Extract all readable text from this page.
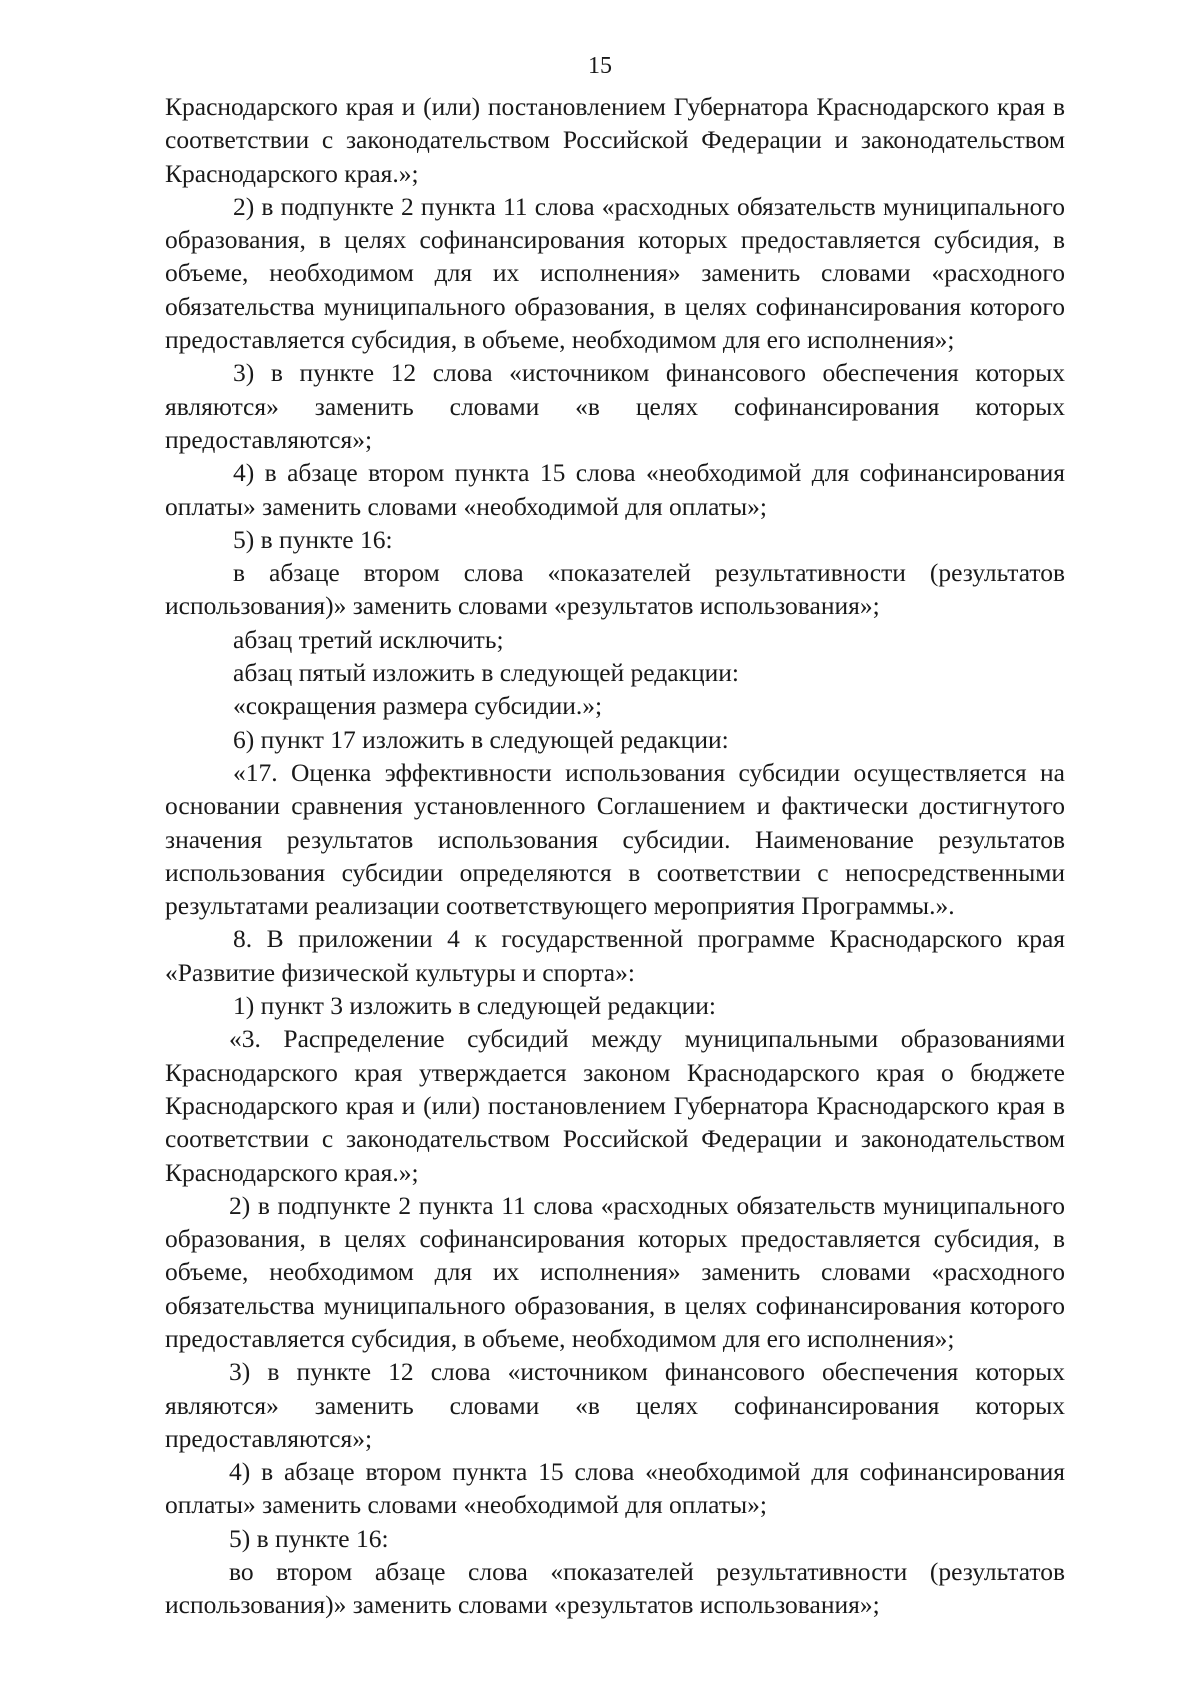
15

Краснодарского края и (или) постановлением Губернатора Краснодарского края в соответствии с законодательством Российской Федерации и законодательством Краснодарского края.»;

2) в подпункте 2 пункта 11 слова «расходных обязательств муниципального образования, в целях софинансирования которых предоставляется субсидия, в объеме, необходимом для их исполнения» заменить словами «расходного обязательства муниципального образования, в целях софинансирования которого предоставляется субсидия, в объеме, необходимом для его исполнения»;

3) в пункте 12 слова «источником финансового обеспечения которых являются» заменить словами «в целях софинансирования которых предоставляются»;

4) в абзаце втором пункта 15 слова «необходимой для софинансирования оплаты» заменить словами «необходимой для оплаты»;

5) в пункте 16:

в абзаце втором слова «показателей результативности (результатов использования)» заменить словами «результатов использования»;

абзац третий исключить;

абзац пятый изложить в следующей редакции:

«сокращения размера субсидии.»;

6) пункт 17 изложить в следующей редакции:

«17. Оценка эффективности использования субсидии осуществляется на основании сравнения установленного Соглашением и фактически достигнутого значения результатов использования субсидии. Наименование результатов использования субсидии определяются в соответствии с непосредственными результатами реализации соответствующего мероприятия Программы.».

8. В приложении 4 к государственной программе Краснодарского края «Развитие физической культуры и спорта»:

1) пункт 3 изложить в следующей редакции:

«3. Распределение субсидий между муниципальными образованиями Краснодарского края утверждается законом Краснодарского края о бюджете Краснодарского края и (или) постановлением Губернатора Краснодарского края в соответствии с законодательством Российской Федерации и законодательством Краснодарского края.»;

2) в подпункте 2 пункта 11 слова «расходных обязательств муниципального образования, в целях софинансирования которых предоставляется субсидия, в объеме, необходимом для их исполнения» заменить словами «расходного обязательства муниципального образования, в целях софинансирования которого предоставляется субсидия, в объеме, необходимом для его исполнения»;

3) в пункте 12 слова «источником финансового обеспечения которых являются» заменить словами «в целях софинансирования которых предоставляются»;

4) в абзаце втором пункта 15 слова «необходимой для софинансирования оплаты» заменить словами «необходимой для оплаты»;

5) в пункте 16:

во втором абзаце слова «показателей результативности (результатов использования)» заменить словами «результатов использования»;
